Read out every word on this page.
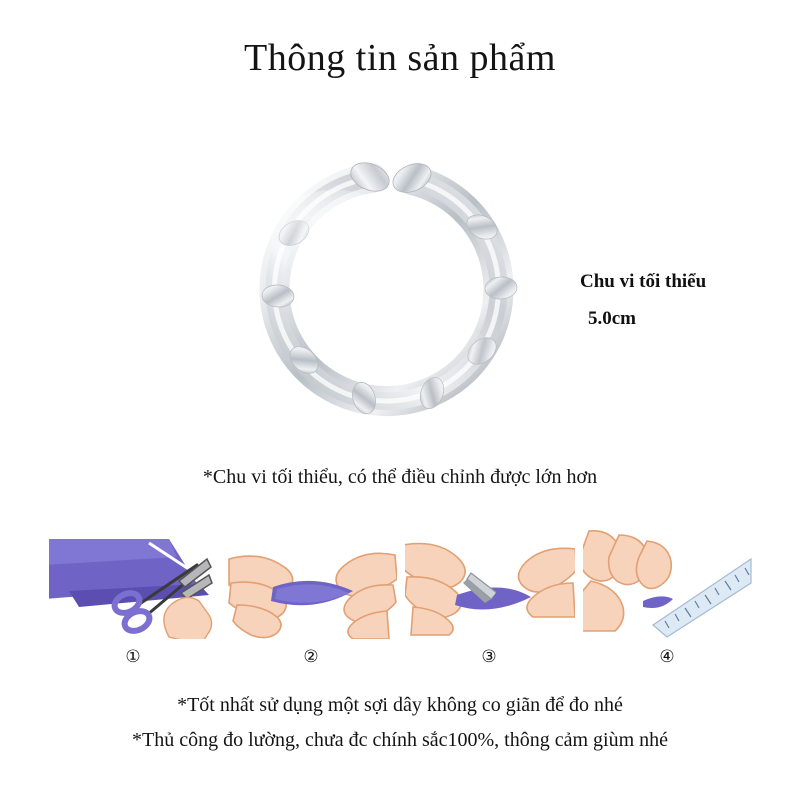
Thông tin sản phẩm
Chu vi tối thiểu
5.0cm
*Chu vi tối thiểu, có thể điều chỉnh được lớn hơn
①	②	③	④
*Tốt nhất sử dụng một sợi dây không co giãn để đo nhé
*Thủ công đo lường, chưa đc chính sắc100%, thông cảm giùm nhé
